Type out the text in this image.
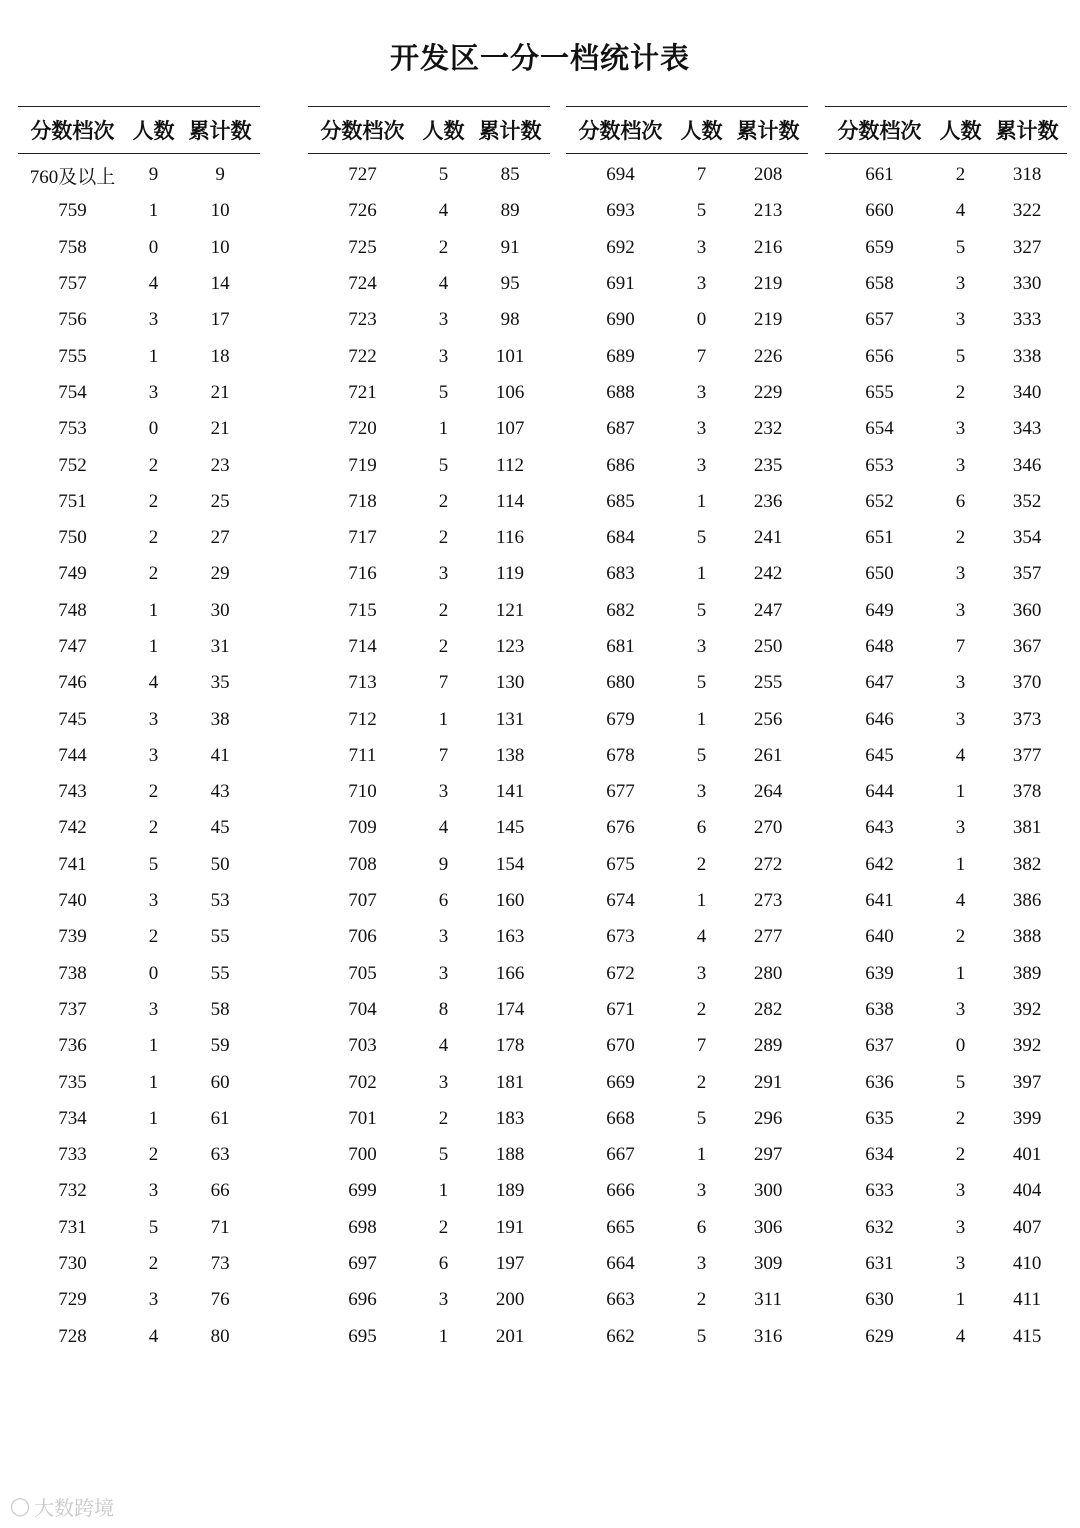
开发区一分一档统计表
分数档次	人数	累计数
760及以上	9	9
759	1	10
758	0	10
757	4	14
756	3	17
755	1	18
754	3	21
753	0	21
752	2	23
751	2	25
750	2	27
749	2	29
748	1	30
747	1	31
746	4	35
745	3	38
744	3	41
743	2	43
742	2	45
741	5	50
740	3	53
739	2	55
738	0	55
737	3	58
736	1	59
735	1	60
734	1	61
733	2	63
732	3	66
731	5	71
730	2	73
729	3	76
728	4	80
分数档次	人数	累计数
727	5	85
726	4	89
725	2	91
724	4	95
723	3	98
722	3	101
721	5	106
720	1	107
719	5	112
718	2	114
717	2	116
716	3	119
715	2	121
714	2	123
713	7	130
712	1	131
711	7	138
710	3	141
709	4	145
708	9	154
707	6	160
706	3	163
705	3	166
704	8	174
703	4	178
702	3	181
701	2	183
700	5	188
699	1	189
698	2	191
697	6	197
696	3	200
695	1	201
分数档次	人数	累计数
694	7	208
693	5	213
692	3	216
691	3	219
690	0	219
689	7	226
688	3	229
687	3	232
686	3	235
685	1	236
684	5	241
683	1	242
682	5	247
681	3	250
680	5	255
679	1	256
678	5	261
677	3	264
676	6	270
675	2	272
674	1	273
673	4	277
672	3	280
671	2	282
670	7	289
669	2	291
668	5	296
667	1	297
666	3	300
665	6	306
664	3	309
663	2	311
662	5	316
分数档次	人数	累计数
661	2	318
660	4	322
659	5	327
658	3	330
657	3	333
656	5	338
655	2	340
654	3	343
653	3	346
652	6	352
651	2	354
650	3	357
649	3	360
648	7	367
647	3	370
646	3	373
645	4	377
644	1	378
643	3	381
642	1	382
641	4	386
640	2	388
639	1	389
638	3	392
637	0	392
636	5	397
635	2	399
634	2	401
633	3	404
632	3	407
631	3	410
630	1	411
629	4	415
◯ 大数跨境
